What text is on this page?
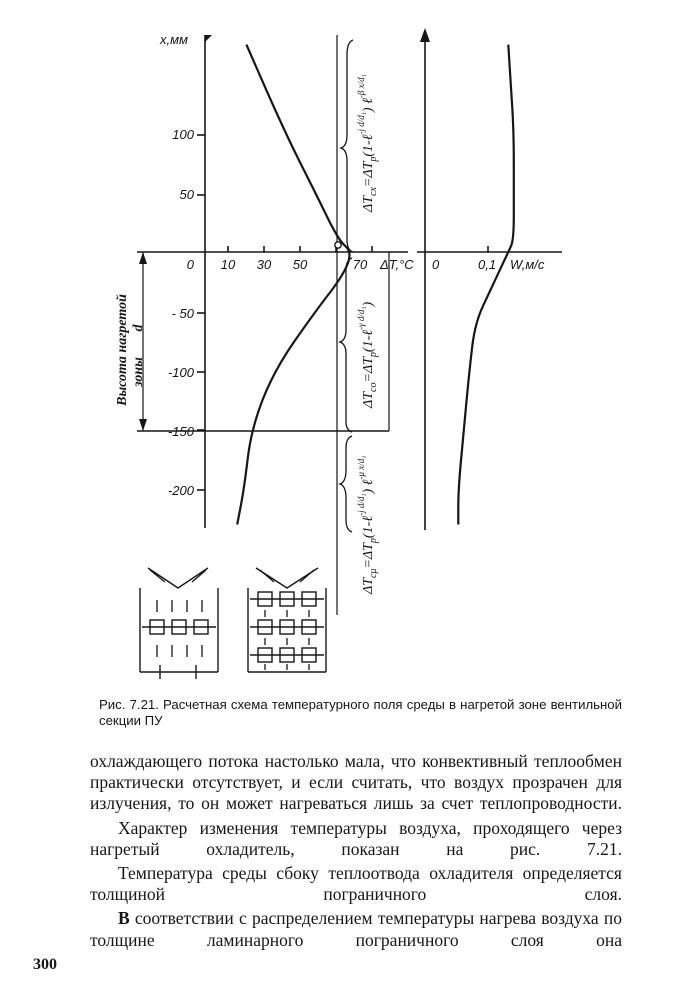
x,мм
100
50
0
- 50
-100
-150
-200
10 30 50	70 ΔT,°C 0	0,1 W,м/с
Высота нагретой зоны
d
$\Delta T_{cx}=\Delta T_p(1-\ell^{-j d/d_1})$ ℓ$^{-\beta x/d_1}$
$\Delta T_{co}=\Delta T_p(1-\ell^{-\gamma d/d_1})$
$\Delta T_{c\mu}=\Delta T_p(1-\ell^{-j d/d_1})$ ℓ$^{-\mu x/d_1}$
Рис. 7.21. Расчетная схема температурного поля среды в нагретой зоне вентильной секции ПУ

охлаждающего потока настолько мала, что конвективный теплообмен практически отсутствует, и если считать, что воздух прозрачен для излучения, то он может нагреваться лишь за счет теплопроводности.

Характер изменения температуры воздуха, проходящего через нагретый охладитель, показан на рис. 7.21.

Температура среды сбоку теплоотвода охладителя определяется толщиной пограничного слоя.

В соответствии с распределением температуры нагрева воздуха по толщине ламинарного пограничного слоя она

300
